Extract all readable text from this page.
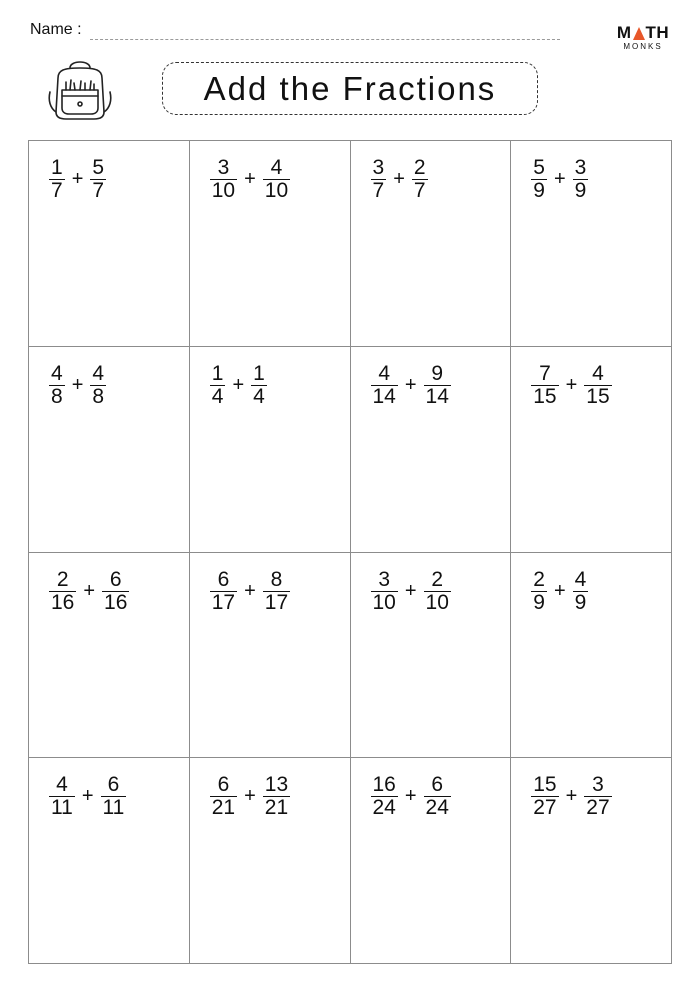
Name :	M TH
MONKS
Add the Fractions
$\frac{1}{7} + \frac{5}{7}$	$\frac{3}{10} + \frac{4}{10}$	$\frac{3}{7} + \frac{2}{7}$	$\frac{5}{9} + \frac{3}{9}$
$\frac{4}{8} + \frac{4}{8}$	$\frac{1}{4} + \frac{1}{4}$	$\frac{4}{14} + \frac{9}{14}$	$\frac{7}{15} + \frac{4}{15}$
$\frac{2}{16} + \frac{6}{16}$	$\frac{6}{17} + \frac{8}{17}$	$\frac{3}{10} + \frac{2}{10}$	$\frac{2}{9} + \frac{4}{9}$
$\frac{4}{11} + \frac{6}{11}$	$\frac{6}{21} + \frac{13}{21}$	$\frac{16}{24} + \frac{6}{24}$	$\frac{15}{27} + \frac{3}{27}$
